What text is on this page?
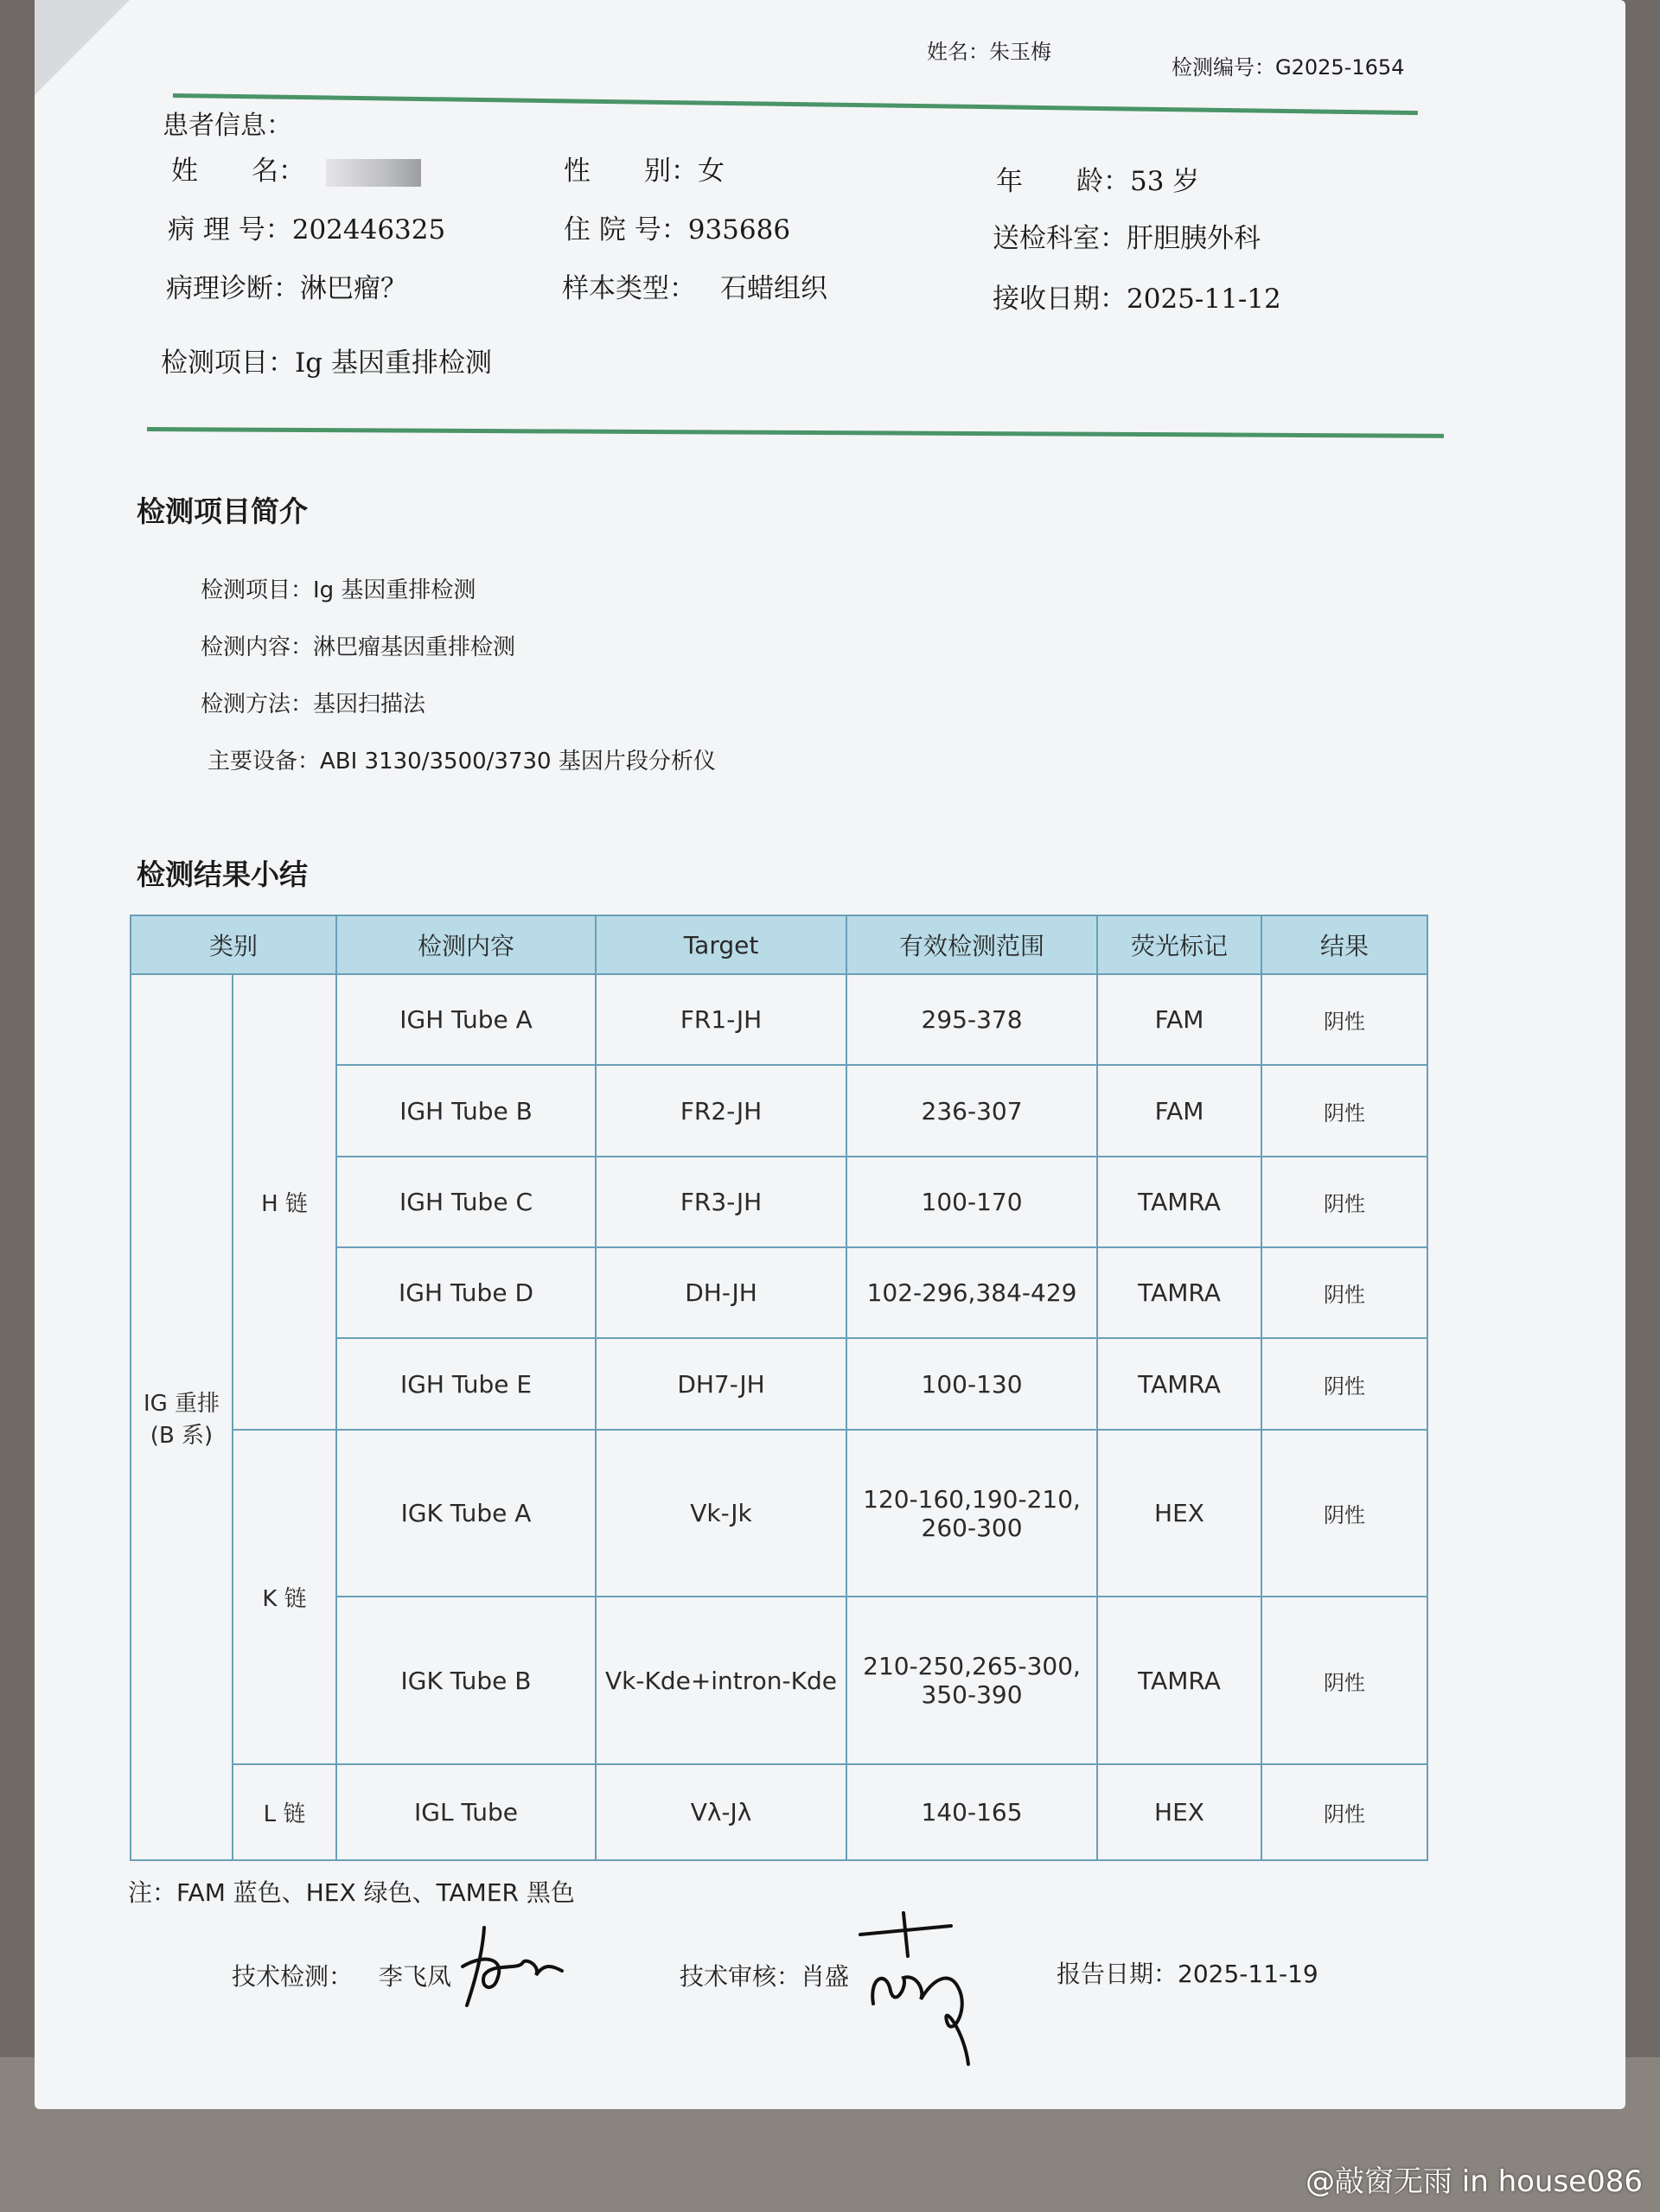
姓名：朱玉梅
检测编号：G2025-1654
患者信息：
姓　　名：	性　　别：女	年　　龄：53 岁
病 理 号：202446325	住 院 号：935686	送检科室：肝胆胰外科
病理诊断：淋巴瘤？	样本类型： 石蜡组织	接收日期：2025-11-12
检测项目：Ig 基因重排检测
检测项目简介
检测项目：Ig 基因重排检测
检测内容：淋巴瘤基因重排检测
检测方法：基因扫描法
主要设备：ABI 3130/3500/3730 基因片段分析仪
检测结果小结
类别		检测内容	Target	有效检测范围	荧光标记	结果
IG 重排(B 系)	H 链	IGH Tube A	FR1-JH	295-378	FAM	阴性
		IGH Tube B	FR2-JH	236-307	FAM	阴性
		IGH Tube C	FR3-JH	100-170	TAMRA	阴性
		IGH Tube D	DH-JH	102-296,384-429	TAMRA	阴性
		IGH Tube E	DH7-JH	100-130	TAMRA	阴性
	K 链	IGK Tube A	Vk-Jk	120-160,190-210, 260-300	HEX	阴性
		IGK Tube B	Vk-Kde+intron-Kde	210-250,265-300, 350-390	TAMRA	阴性
	L 链	IGL Tube	Vλ-Jλ	140-165	HEX	阴性
注：FAM 蓝色、HEX 绿色、TAMER 黑色
技术检测： 李飞凤	技术审核：肖盛	报告日期：2025-11-19
@敲窗无雨 in house086
